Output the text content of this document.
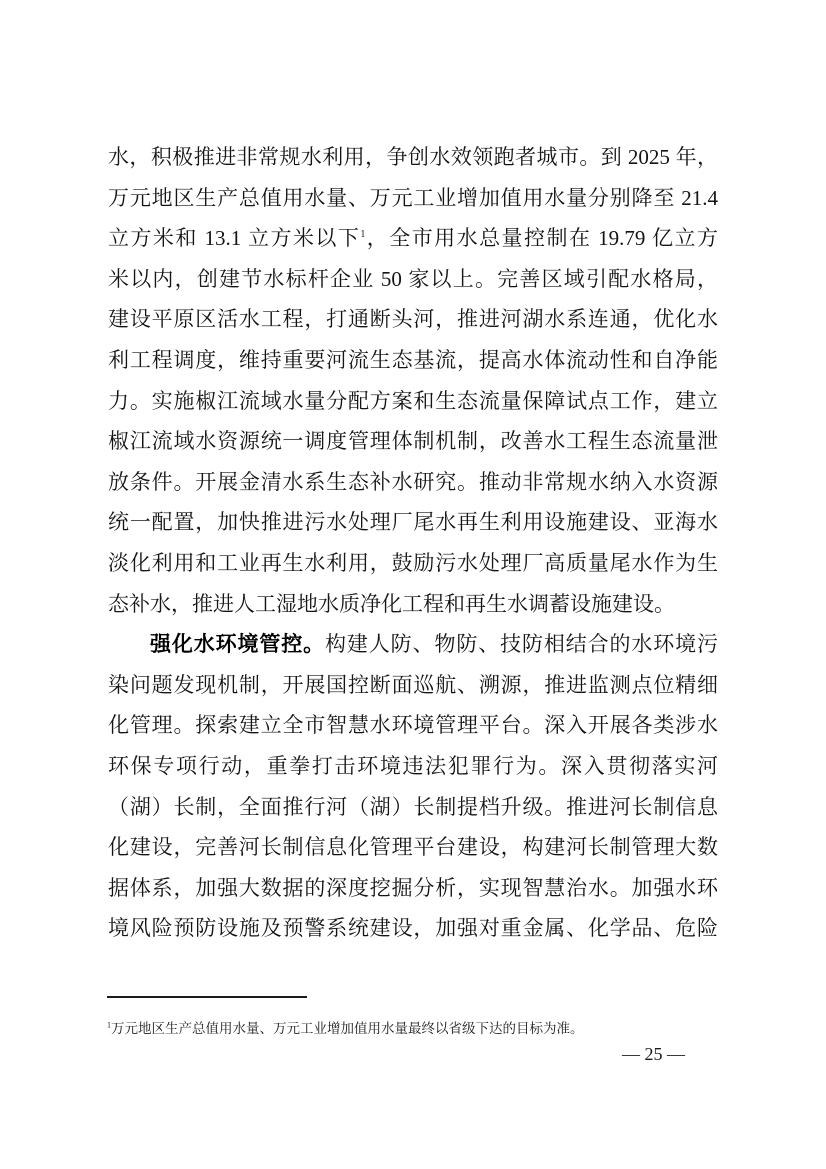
水，积极推进非常规水利用，争创水效领跑者城市。到 2025 年，
万元地区生产总值用水量、万元工业增加值用水量分别降至 21.4
立方米和 13.1 立方米以下$^1$，全市用水总量控制在 19.79 亿立方
米以内，创建节水标杆企业 50 家以上。完善区域引配水格局，
建设平原区活水工程，打通断头河，推进河湖水系连通，优化水
利工程调度，维持重要河流生态基流，提高水体流动性和自净能
力。实施椒江流域水量分配方案和生态流量保障试点工作，建立
椒江流域水资源统一调度管理体制机制，改善水工程生态流量泄
放条件。开展金清水系生态补水研究。推动非常规水纳入水资源
统一配置，加快推进污水处理厂尾水再生利用设施建设、亚海水
淡化利用和工业再生水利用，鼓励污水处理厂高质量尾水作为生
态补水，推进人工湿地水质净化工程和再生水调蓄设施建设。
强化水环境管控。构建人防、物防、技防相结合的水环境污
染问题发现机制，开展国控断面巡航、溯源，推进监测点位精细
化管理。探索建立全市智慧水环境管理平台。深入开展各类涉水
环保专项行动，重拳打击环境违法犯罪行为。深入贯彻落实河
（湖）长制，全面推行河（湖）长制提档升级。推进河长制信息
化建设，完善河长制信息化管理平台建设，构建河长制管理大数
据体系，加强大数据的深度挖掘分析，实现智慧治水。加强水环
境风险预防设施及预警系统建设，加强对重金属、化学品、危险
$^1$万元地区生产总值用水量、万元工业增加值用水量最终以省级下达的目标为准。
— 25 —
